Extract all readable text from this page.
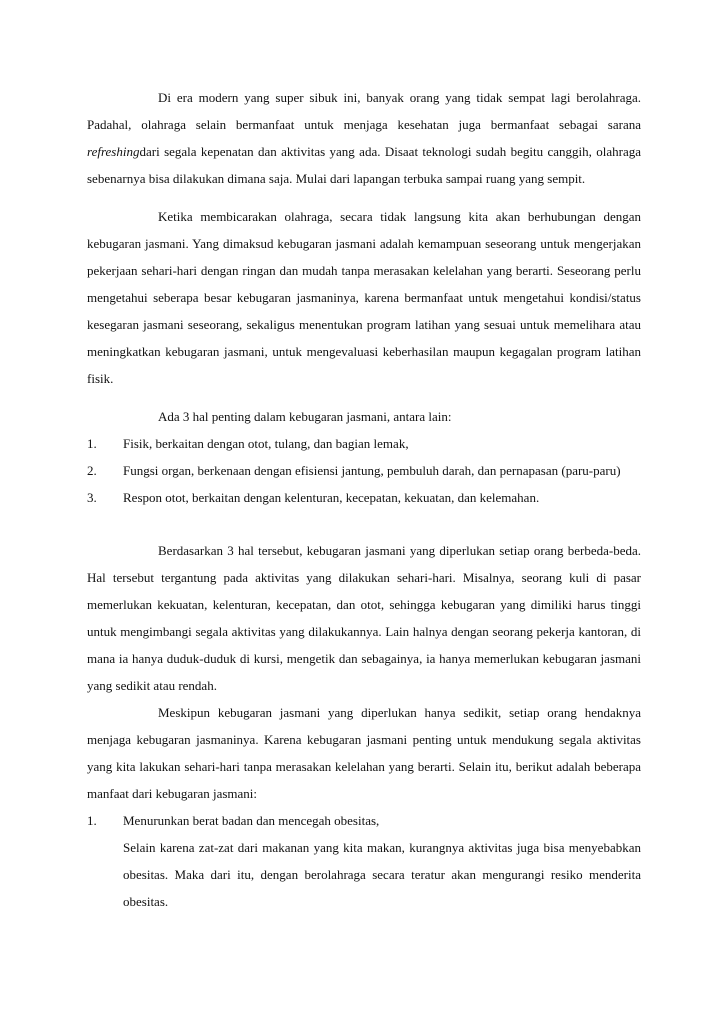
Di era modern yang super sibuk ini, banyak orang yang tidak sempat lagi berolahraga. Padahal, olahraga selain bermanfaat untuk menjaga kesehatan juga bermanfaat sebagai sarana refreshingdari segala kepenatan dan aktivitas yang ada. Disaat teknologi sudah begitu canggih, olahraga sebenarnya bisa dilakukan dimana saja. Mulai dari lapangan terbuka sampai ruang yang sempit.

Ketika membicarakan olahraga, secara tidak langsung kita akan berhubungan dengan kebugaran jasmani. Yang dimaksud kebugaran jasmani adalah kemampuan seseorang untuk mengerjakan pekerjaan sehari-hari dengan ringan dan mudah tanpa merasakan kelelahan yang berarti. Seseorang perlu mengetahui seberapa besar kebugaran jasmaninya, karena bermanfaat untuk mengetahui kondisi/status kesegaran jasmani seseorang, sekaligus menentukan program latihan yang sesuai untuk memelihara atau meningkatkan kebugaran jasmani, untuk mengevaluasi keberhasilan maupun kegagalan program latihan fisik.

Ada 3 hal penting dalam kebugaran jasmani, antara lain:

1. Fisik, berkaitan dengan otot, tulang, dan bagian lemak,
2. Fungsi organ, berkenaan dengan efisiensi jantung, pembuluh darah, dan pernapasan (paru-paru)
3. Respon otot, berkaitan dengan kelenturan, kecepatan, kekuatan, dan kelemahan.

Berdasarkan 3 hal tersebut, kebugaran jasmani yang diperlukan setiap orang berbeda-beda. Hal tersebut tergantung pada aktivitas yang dilakukan sehari-hari. Misalnya, seorang kuli di pasar memerlukan kekuatan, kelenturan, kecepatan, dan otot, sehingga kebugaran yang dimiliki harus tinggi untuk mengimbangi segala aktivitas yang dilakukannya. Lain halnya dengan seorang pekerja kantoran, di mana ia hanya duduk-duduk di kursi, mengetik dan sebagainya, ia hanya memerlukan kebugaran jasmani yang sedikit atau rendah.

Meskipun kebugaran jasmani yang diperlukan hanya sedikit, setiap orang hendaknya menjaga kebugaran jasmaninya. Karena kebugaran jasmani penting untuk mendukung segala aktivitas yang kita lakukan sehari-hari tanpa merasakan kelelahan yang berarti. Selain itu, berikut adalah beberapa manfaat dari kebugaran jasmani:

1. Menurunkan berat badan dan mencegah obesitas,
Selain karena zat-zat dari makanan yang kita makan, kurangnya aktivitas juga bisa menyebabkan obesitas. Maka dari itu, dengan berolahraga secara teratur akan mengurangi resiko menderita obesitas.
